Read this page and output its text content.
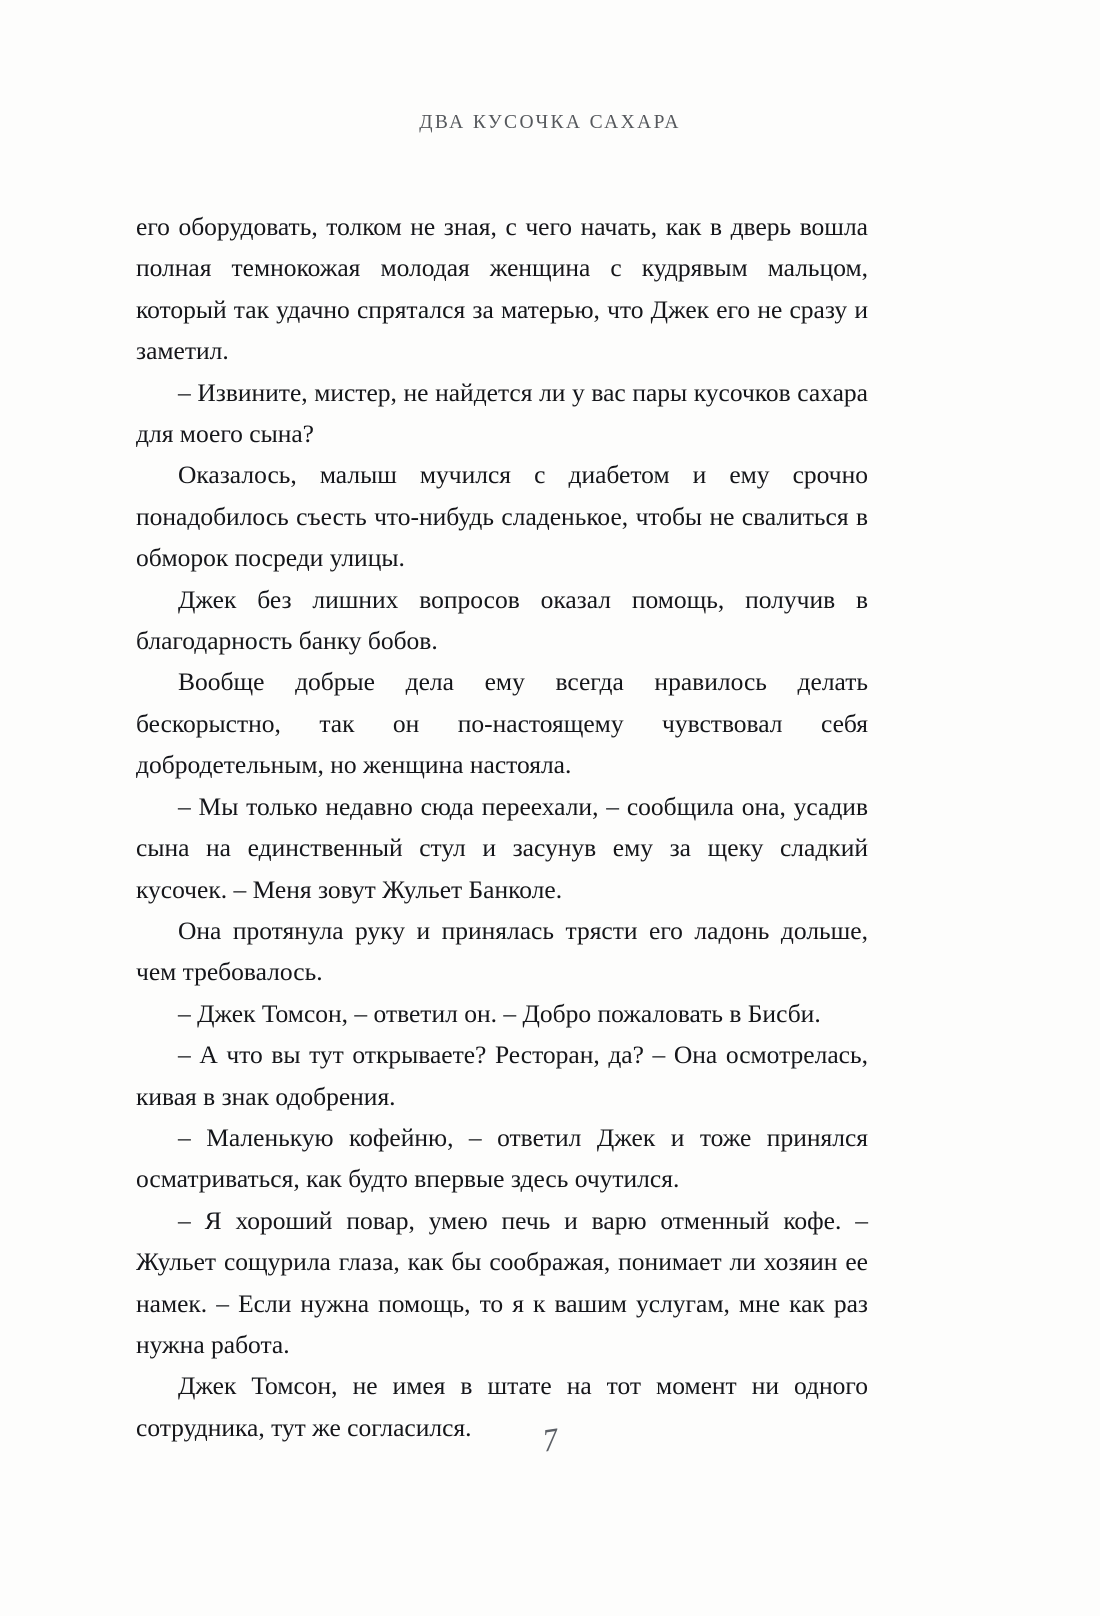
ДВА КУСОЧКА САХАРА

его оборудовать, толком не зная, с чего начать, как в дверь вошла полная темнокожая молодая женщина с кудрявым мальцом, который так удачно спрятался за матерью, что Джек его не сразу и заметил.

– Извините, мистер, не найдется ли у вас пары кусочков сахара для моего сына?

Оказалось, малыш мучился с диабетом и ему срочно понадобилось съесть что-нибудь сладенькое, чтобы не свалиться в обморок посреди улицы.

Джек без лишних вопросов оказал помощь, получив в благодарность банку бобов.

Вообще добрые дела ему всегда нравилось делать бескорыстно, так он по-настоящему чувствовал себя добродетельным, но женщина настояла.

– Мы только недавно сюда переехали, – сообщила она, усадив сына на единственный стул и засунув ему за щеку сладкий кусочек. – Меня зовут Жульет Банколе.

Она протянула руку и принялась трясти его ладонь дольше, чем требовалось.

– Джек Томсон, – ответил он. – Добро пожаловать в Бисби.

– А что вы тут открываете? Ресторан, да? – Она осмотрелась, кивая в знак одобрения.

– Маленькую кофейню, – ответил Джек и тоже принялся осматриваться, как будто впервые здесь очутился.

– Я хороший повар, умею печь и варю отменный кофе. – Жульет сощурила глаза, как бы соображая, понимает ли хозяин ее намек. – Если нужна помощь, то я к вашим услугам, мне как раз нужна работа.

Джек Томсон, не имея в штате на тот момент ни одного сотрудника, тут же согласился.	7
